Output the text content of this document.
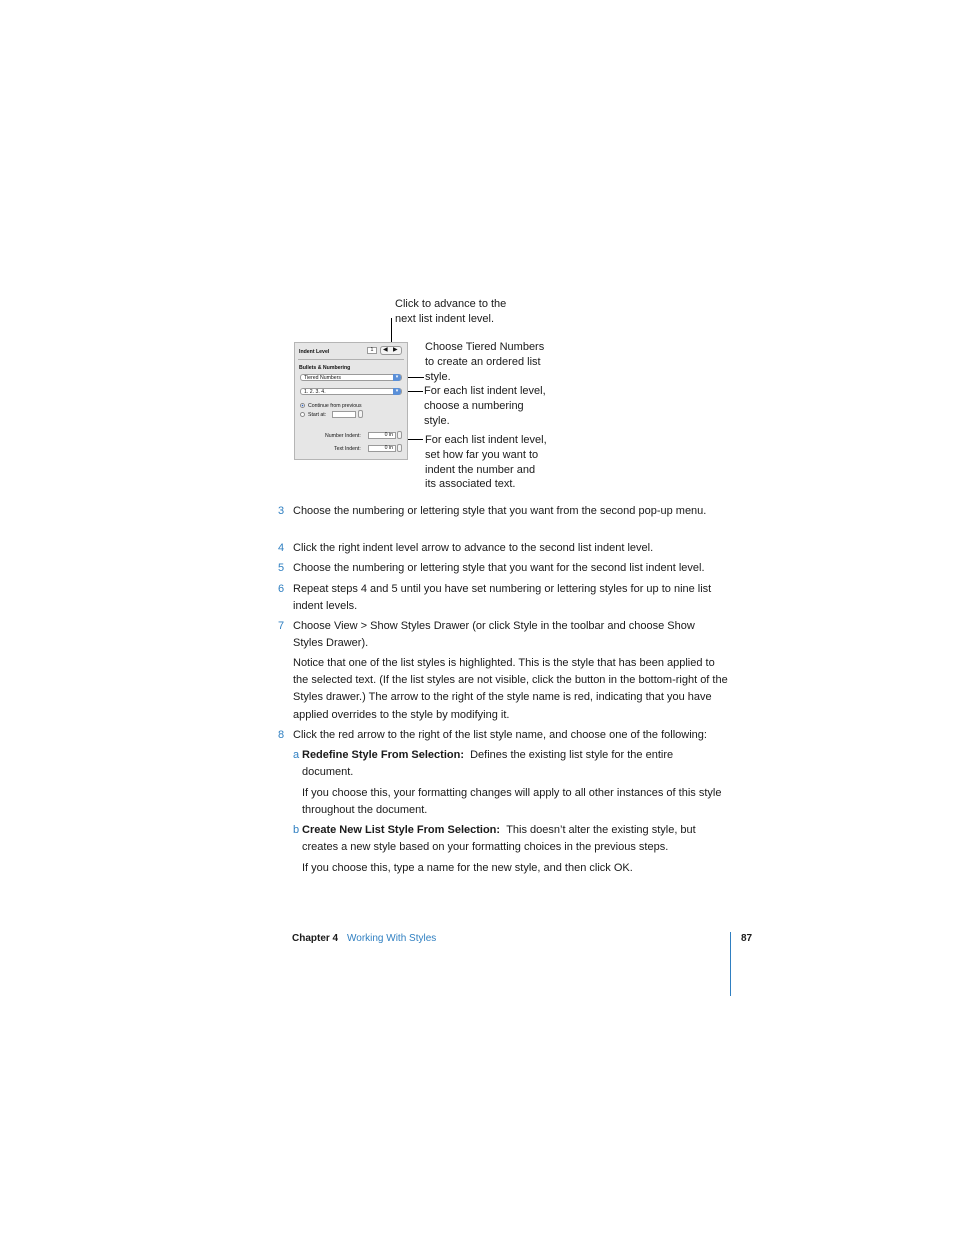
Click to advance to the
next list indent level.
Choose Tiered Numbers
to create an ordered list
style.
For each list indent level,
choose a numbering
style.
For each list indent level,
set how far you want to
indent the number and
its associated text.
Indent Level	1	◀ ▶
Bullets & Numbering
Tiered Numbers	▾
1. 2. 3. 4.	▾
Continue from previous
Start at:
Number Indent:	0 in
Text Indent:	0 in
3 Choose the numbering or lettering style that you want from the second pop-up menu.
4 Click the right indent level arrow to advance to the second list indent level.
5 Choose the numbering or lettering style that you want for the second list indent level.
6 Repeat steps 4 and 5 until you have set numbering or lettering styles for up to nine list indent levels.
7 Choose View > Show Styles Drawer (or click Style in the toolbar and choose Show Styles Drawer).
Notice that one of the list styles is highlighted. This is the style that has been applied to the selected text. (If the list styles are not visible, click the button in the bottom-right of the Styles drawer.) The arrow to the right of the style name is red, indicating that you have applied overrides to the style by modifying it.
8 Click the red arrow to the right of the list style name, and choose one of the following:
a Redefine Style From Selection: Defines the existing list style for the entire document.
If you choose this, your formatting changes will apply to all other instances of this style throughout the document.
b Create New List Style From Selection: This doesn’t alter the existing style, but creates a new style based on your formatting choices in the previous steps.
If you choose this, type a name for the new style, and then click OK.
Chapter 4 Working With Styles	87
